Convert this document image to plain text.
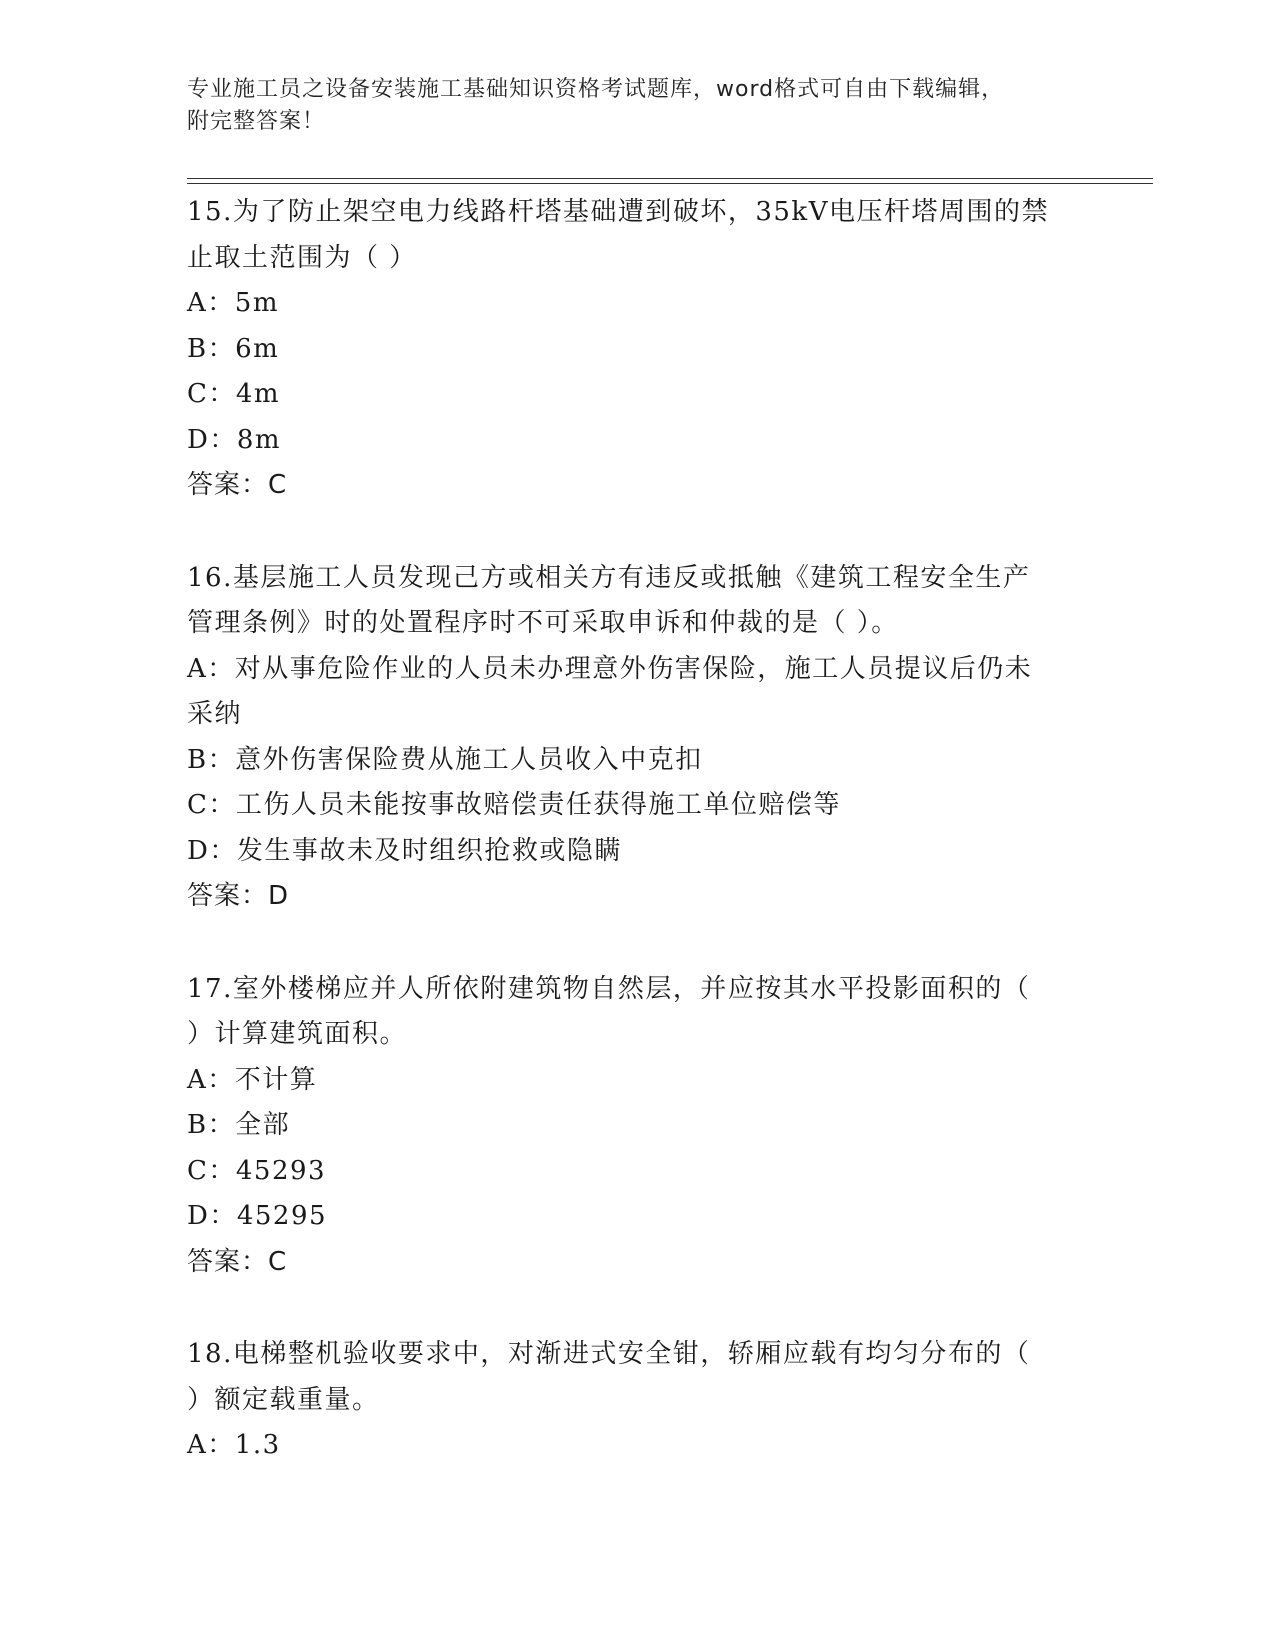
专业施工员之设备安装施工基础知识资格考试题库，word格式可自由下载编辑，
附完整答案！
15.为了防止架空电力线路杆塔基础遭到破坏，35kV电压杆塔周围的禁
止取土范围为（ ）
A：5m
B：6m
C：4m
D：8m
答案：C
16.基层施工人员发现己方或相关方有违反或抵触《建筑工程安全生产
管理条例》时的处置程序时不可采取申诉和仲裁的是（ ）。
A：对从事危险作业的人员未办理意外伤害保险，施工人员提议后仍未
采纳
B：意外伤害保险费从施工人员收入中克扣
C：工伤人员未能按事故赔偿责任获得施工单位赔偿等
D：发生事故未及时组织抢救或隐瞒
答案：D
17.室外楼梯应并人所依附建筑物自然层，并应按其水平投影面积的（
）计算建筑面积。
A：不计算
B：全部
C：45293
D：45295
答案：C
18.电梯整机验收要求中，对渐进式安全钳，轿厢应载有均匀分布的（
）额定载重量。
A：1.3
